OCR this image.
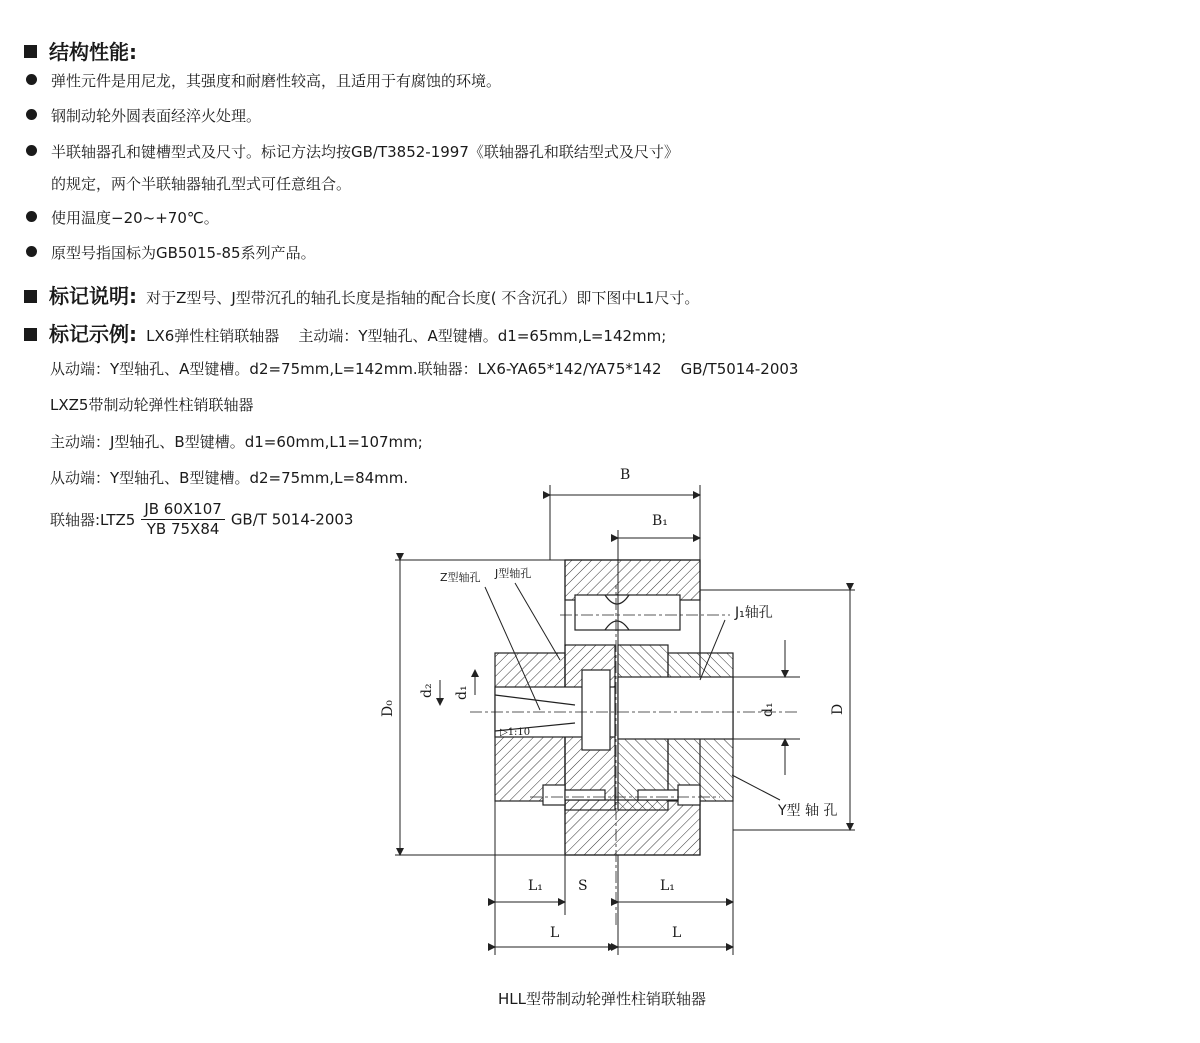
结构性能:
弹性元件是用尼龙，其强度和耐磨性较高，且适用于有腐蚀的环境。
钢制动轮外圆表面经淬火处理。
半联轴器孔和键槽型式及尺寸。标记方法均按GB/T3852-1997《联轴器孔和联结型式及尺寸》
的规定，两个半联轴器轴孔型式可任意组合。
使用温度−20~+70℃。
原型号指国标为GB5015-85系列产品。
标记说明: 对于Z型号、J型带沉孔的轴孔长度是指轴的配合长度( 不含沉孔）即下图中L1尺寸。
标记示例: LX6弹性柱销联轴器    主动端：Y型轴孔、A型键槽。d1=65mm,L=142mm;
从动端：Y型轴孔、A型键槽。d2=75mm,L=142mm.联轴器：LX6-YA65*142/YA75*142    GB/T5014-2003
LXZ5带制动轮弹性柱销联轴器
主动端：J型轴孔、B型键槽。d1=60mm,L1=107mm;
从动端：Y型轴孔、B型键槽。d2=75mm,L=84mm.
联轴器:LTZ5 $\frac{JB 60X107}{YB 75X84} GB/T$ 5014-2003
B
B₁
D₀	D
d₂ d₁
d₁
L₁	S	L₁
L	L
▷1:10
Z型轴孔 J型轴孔
J₁轴孔
Y型 轴 孔
HLL型带制动轮弹性柱销联轴器
